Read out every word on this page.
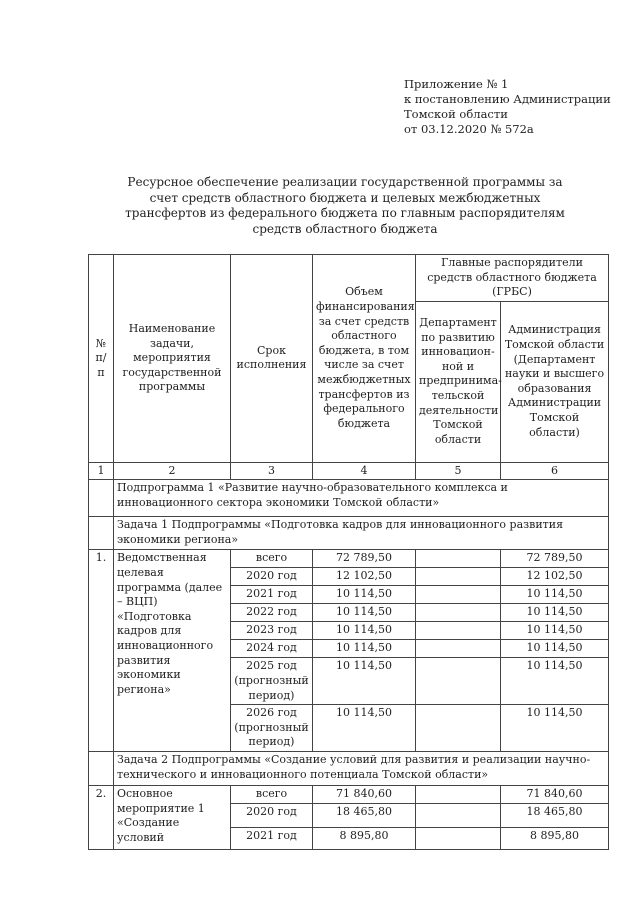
Приложение № 1
к постановлению Администрации
Томской области
от 03.12.2020 № 572а
Ресурсное обеспечение реализации государственной программы за счет средств областного бюджета и целевых межбюджетных трансфертов из федерального бюджета по главным распорядителям средств областного бюджета
№ п/п	Наименование задачи, мероприятия государственной программы	Срок исполнения	Объем финансирования за счет средств областного бюджета, в том числе за счет межбюджетных трансфертов из федерального бюджета	Главные распорядители средств областного бюджета (ГРБС)	
				Департамент по развитию инновацион-ной и предпринима-тельской деятельности Томской области	Администрация Томской области (Департамент науки и высшего образования Администрации Томской области)
1	2	3	4	5	6
	Подпрограмма 1 «Развитие научно-образовательного комплекса и инновационного сектора экономики Томской области»				
	Задача 1 Подпрограммы «Подготовка кадров для инновационного развития экономики региона»				
1.	Ведомственная целевая программа (далее – ВЦП) «Подготовка кадров для инновационного развития экономики региона»	всего	72 789,50		72 789,50
		2020 год	12 102,50		12 102,50
		2021 год	10 114,50		10 114,50
		2022 год	10 114,50		10 114,50
		2023 год	10 114,50		10 114,50
		2024 год	10 114,50		10 114,50
		2025 год (прогнозный период)	10 114,50		10 114,50
		2026 год (прогнозный период)	10 114,50		10 114,50
	Задача 2 Подпрограммы «Создание условий для развития и реализации научно-технического и инновационного потенциала Томской области»				
2.	Основное мероприятие 1 «Создание условий	всего	71 840,60		71 840,60
		2020 год	18 465,80		18 465,80
		2021 год	8 895,80		8 895,80
